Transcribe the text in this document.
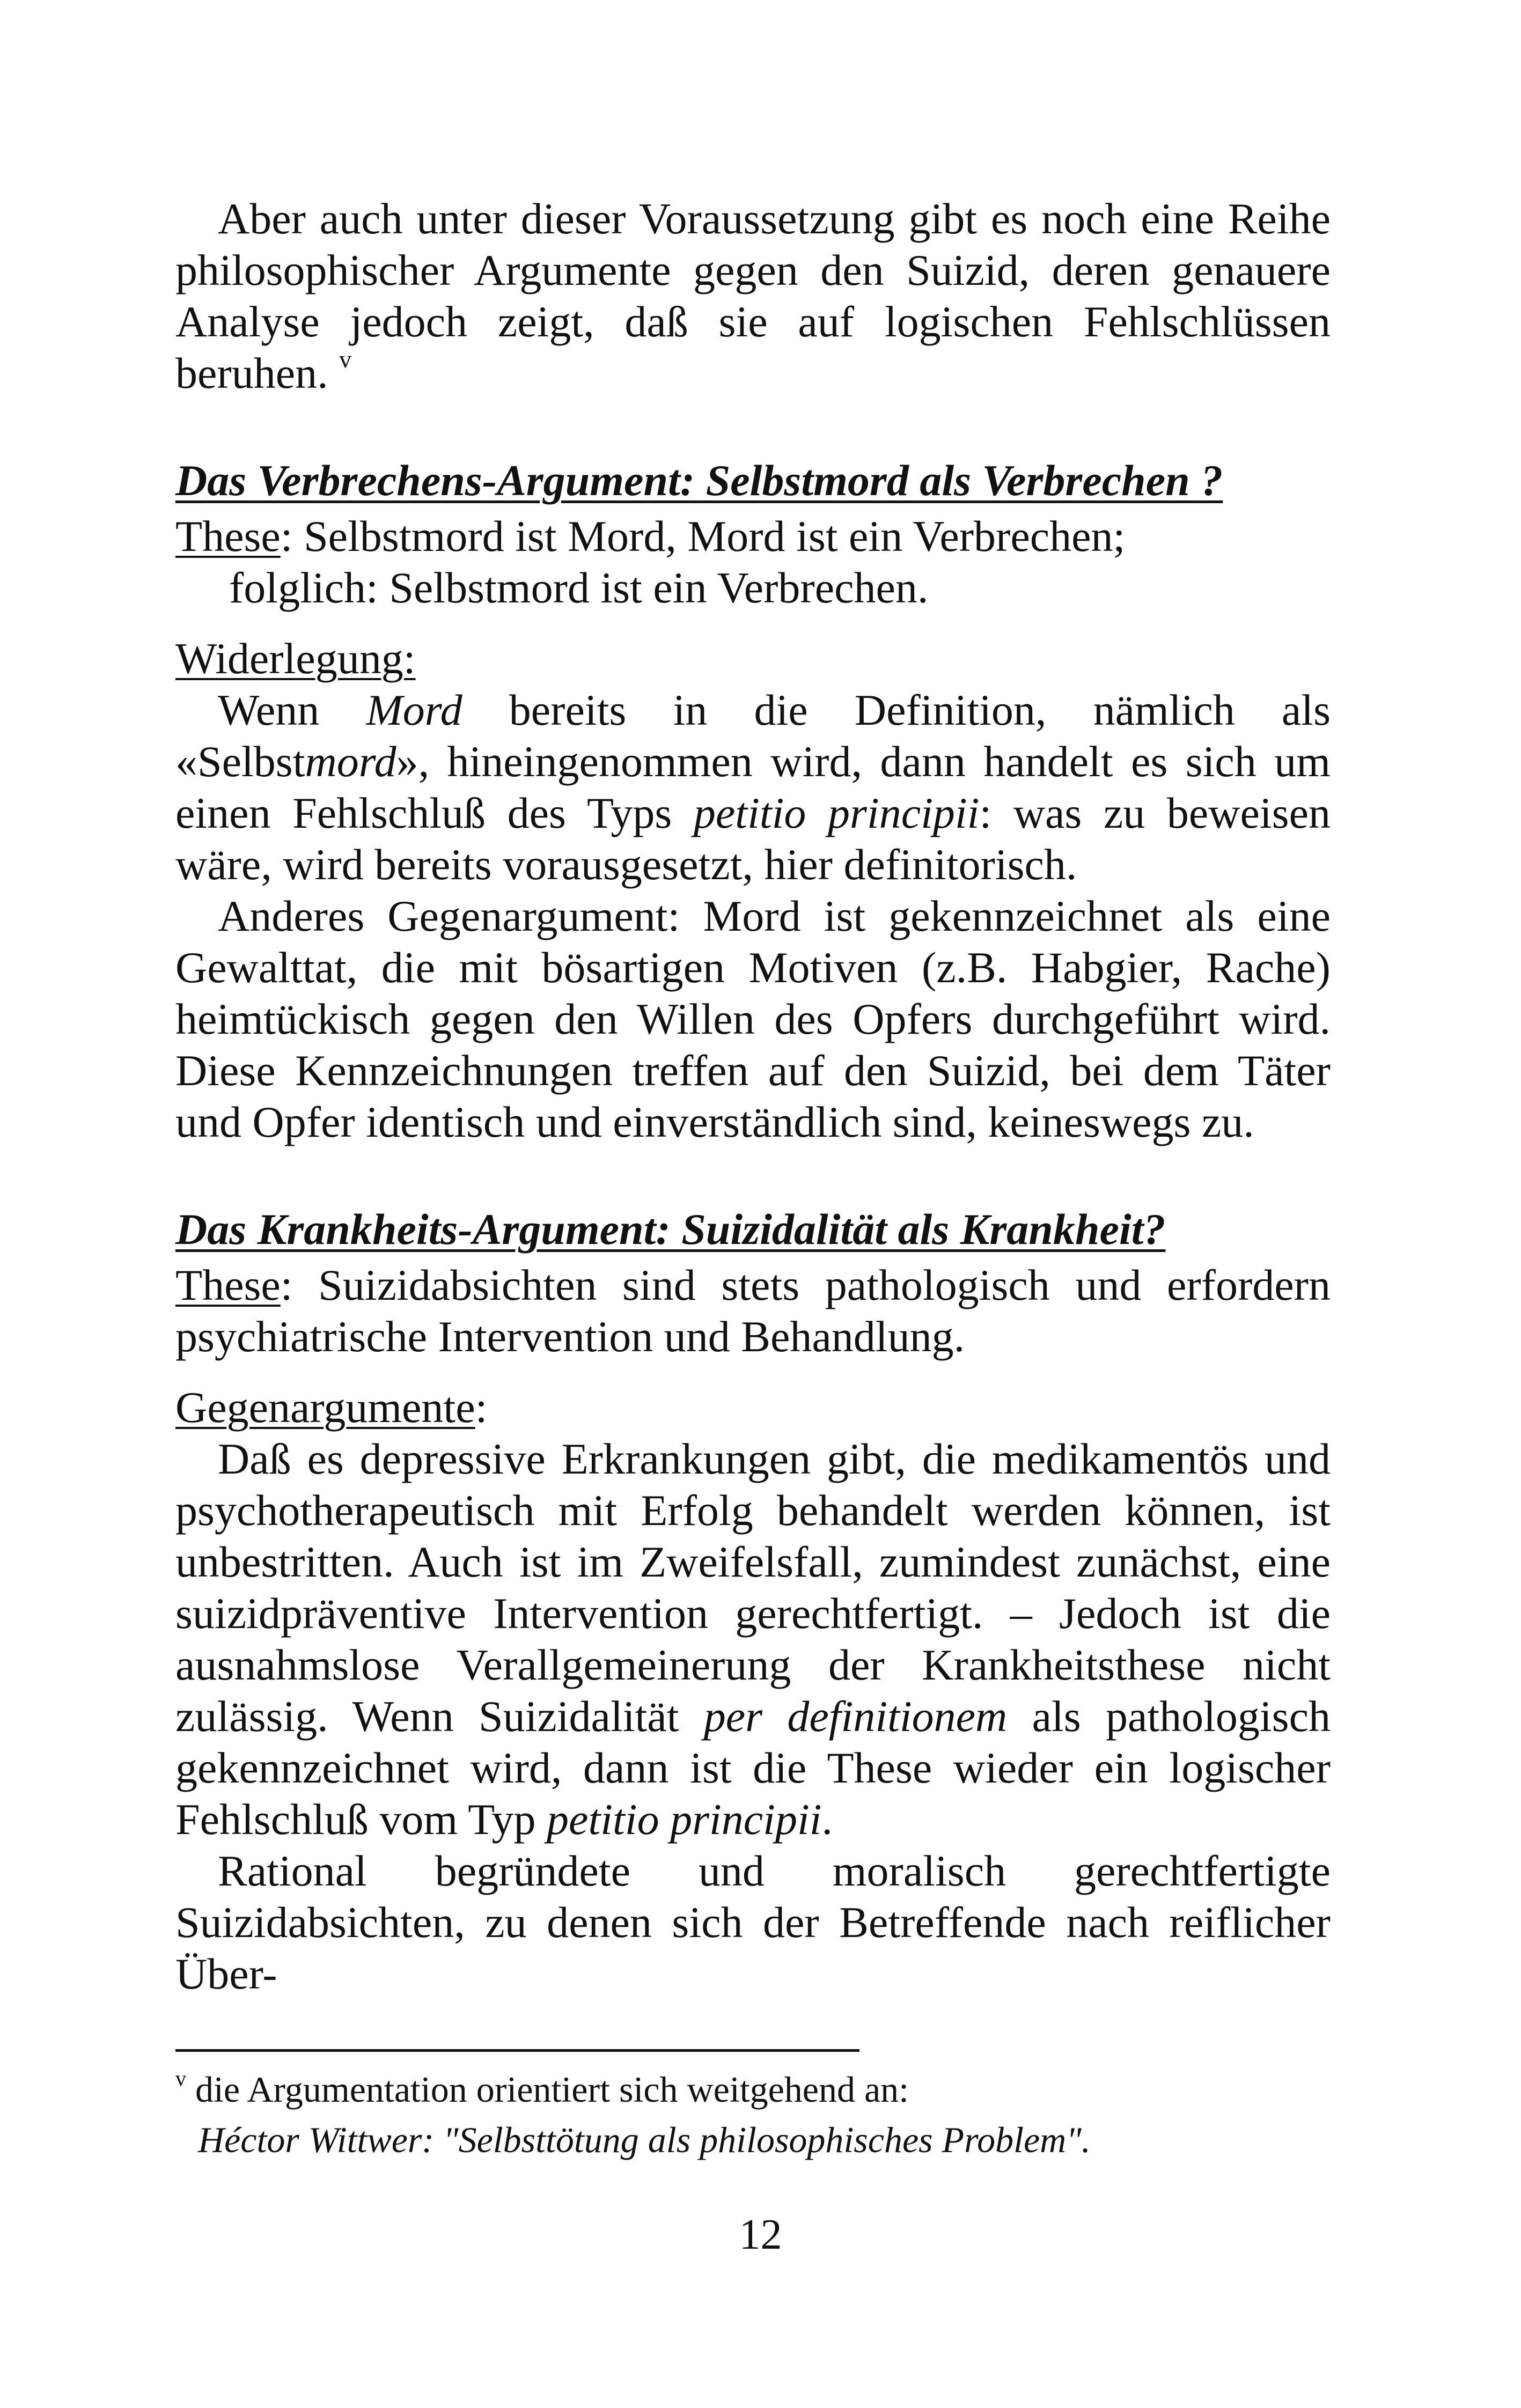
Aber auch unter dieser Voraussetzung gibt es noch eine Reihe philosophischer Argumente gegen den Suizid, deren genauere Analyse jedoch zeigt, daß sie auf logischen Fehlschlüssen beruhen. $^v$

Das Verbrechens-Argument: Selbstmord als Verbrechen ?

These: Selbstmord ist Mord, Mord ist ein Verbrechen;

folglich: Selbstmord ist ein Verbrechen.

Widerlegung:

Wenn Mord bereits in die Definition, nämlich als «Selbstmord», hineingenommen wird, dann handelt es sich um einen Fehlschluß des Typs petitio principii: was zu beweisen wäre, wird bereits vorausgesetzt, hier definitorisch.

Anderes Gegenargument: Mord ist gekennzeichnet als eine Gewalttat, die mit bösartigen Motiven (z.B. Habgier, Rache) heimtückisch gegen den Willen des Opfers durchgeführt wird. Diese Kennzeichnungen treffen auf den Suizid, bei dem Täter und Opfer identisch und einverständlich sind, keineswegs zu.

Das Krankheits-Argument: Suizidalität als Krankheit?

These: Suizidabsichten sind stets pathologisch und erfordern psychiatrische Intervention und Behandlung.

Gegenargumente:

Daß es depressive Erkrankungen gibt, die medikamentös und psychotherapeutisch mit Erfolg behandelt werden können, ist unbestritten. Auch ist im Zweifelsfall, zumindest zunächst, eine suizidpräventive Intervention gerechtfertigt. – Jedoch ist die ausnahmslose Verallgemeinerung der Krankheitsthese nicht zulässig. Wenn Suizidalität per definitionem als pathologisch gekennzeichnet wird, dann ist die These wieder ein logischer Fehlschluß vom Typ petitio principii.

Rational begründete und moralisch gerechtfertigte Suizidabsichten, zu denen sich der Betreffende nach reiflicher Über-

$^v$ die Argumentation orientiert sich weitgehend an:

Héctor Wittwer: "Selbsttötung als philosophisches Problem".

12
